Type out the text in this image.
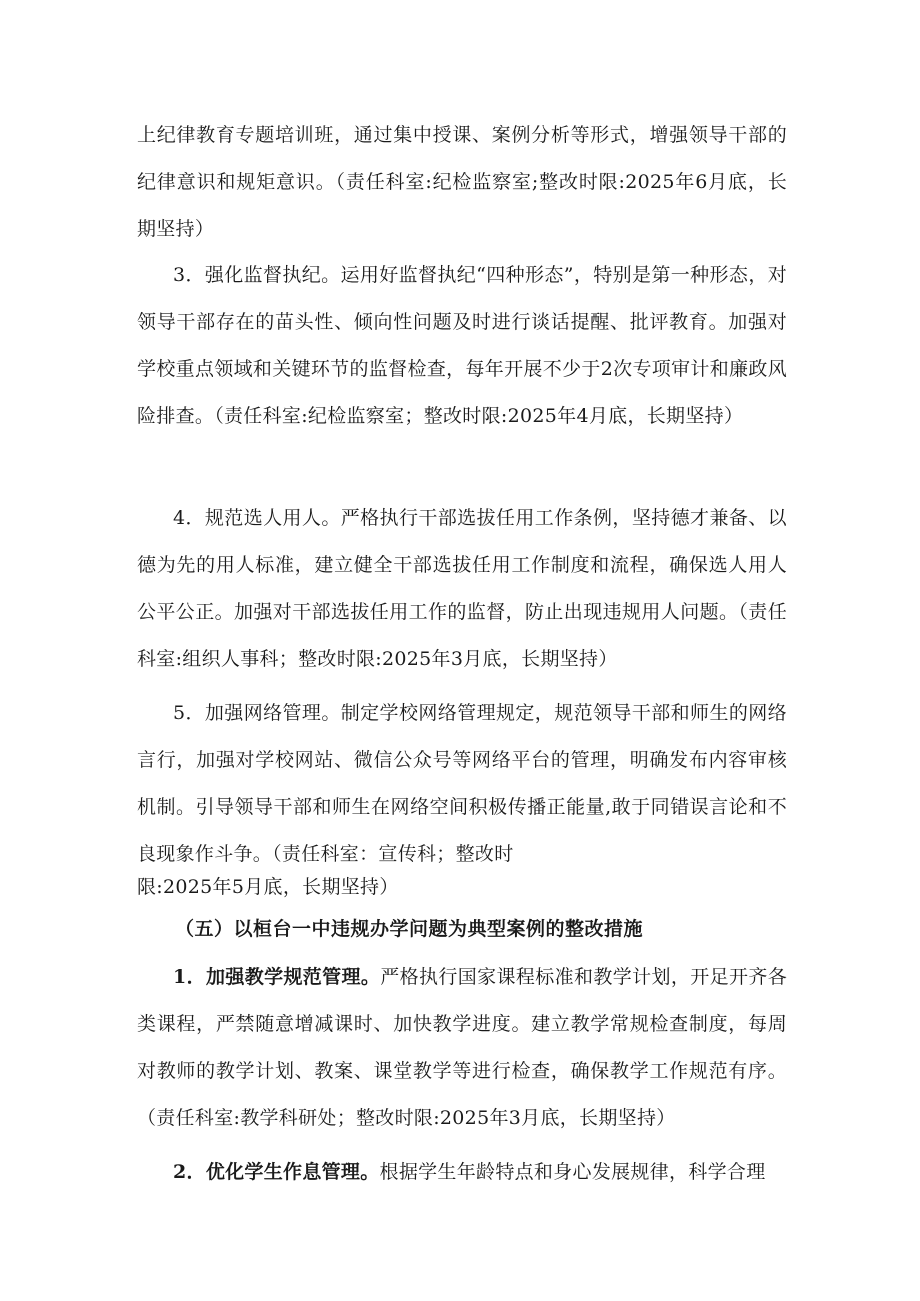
上纪律教育专题培训班，通过集中授课、案例分析等形式，增强领导干部的纪律意识和规矩意识。（责任科室:纪检监察室;整改时限:2025年6月底，长期坚持）

3．强化监督执纪。运用好监督执纪“四种形态”，特别是第一种形态，对领导干部存在的苗头性、倾向性问题及时进行谈话提醒、批评教育。加强对学校重点领域和关键环节的监督检查，每年开展不少于2次专项审计和廉政风险排查。（责任科室:纪检监察室；整改时限:2025年4月底，长期坚持）

4．规范选人用人。严格执行干部选拔任用工作条例，坚持德才兼备、以德为先的用人标准，建立健全干部选拔任用工作制度和流程，确保选人用人公平公正。加强对干部选拔任用工作的监督，防止出现违规用人问题。（责任科室:组织人事科；整改时限:2025年3月底，长期坚持）

5．加强网络管理。制定学校网络管理规定，规范领导干部和师生的网络言行，加强对学校网站、微信公众号等网络平台的管理，明确发布内容审核机制。引导领导干部和师生在网络空间积极传播正能量,敢于同错误言论和不良现象作斗争。（责任科室：宣传科；整改时

限:2025年5月底，长期坚持）

（五）以桓台一中违规办学问题为典型案例的整改措施

1．加强教学规范管理。严格执行国家课程标准和教学计划，开足开齐各类课程，严禁随意增减课时、加快教学进度。建立教学常规检查制度，每周对教师的教学计划、教案、课堂教学等进行检查，确保教学工作规范有序。（责任科室:教学科研处；整改时限:2025年3月底，长期坚持）

2．优化学生作息管理。根据学生年龄特点和身心发展规律，科学合理
